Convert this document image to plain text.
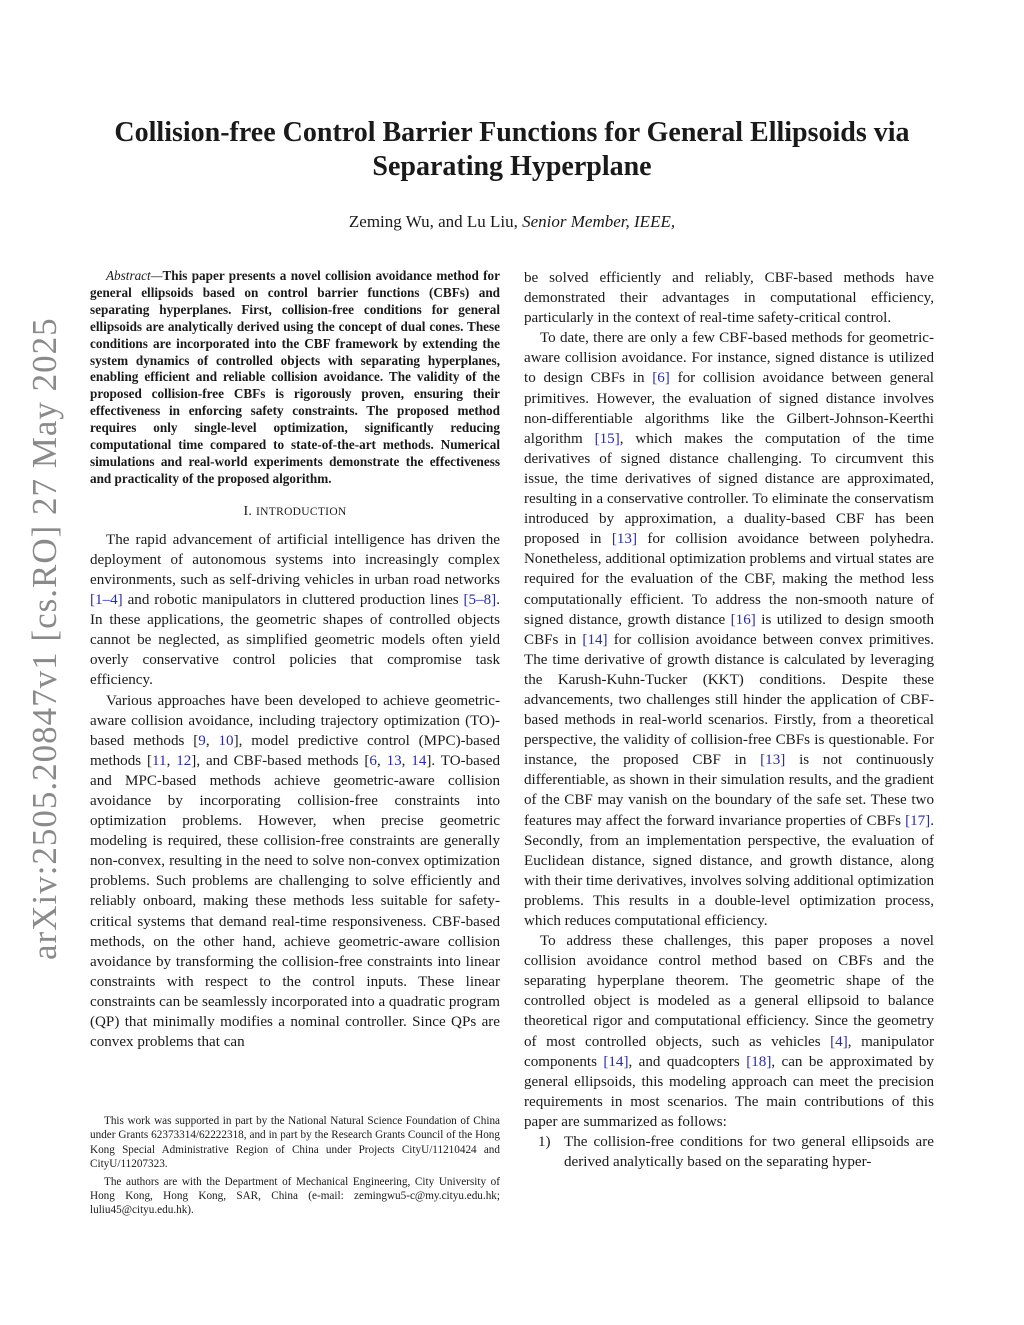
arXiv:2505.20847v1 [cs.RO] 27 May 2025
Collision-free Control Barrier Functions for General Ellipsoids via Separating Hyperplane
Zeming Wu, and Lu Liu, Senior Member, IEEE,

Abstract—This paper presents a novel collision avoidance method for general ellipsoids based on control barrier functions (CBFs) and separating hyperplanes. First, collision-free conditions for general ellipsoids are analytically derived using the concept of dual cones. These conditions are incorporated into the CBF framework by extending the system dynamics of controlled objects with separating hyperplanes, enabling efficient and reliable collision avoidance. The validity of the proposed collision-free CBFs is rigorously proven, ensuring their effectiveness in enforcing safety constraints. The proposed method requires only single-level optimization, significantly reducing computational time compared to state-of-the-art methods. Numerical simulations and real-world experiments demonstrate the effectiveness and practicality of the proposed algorithm.

I. INTRODUCTION

The rapid advancement of artificial intelligence has driven the deployment of autonomous systems into increasingly complex environments, such as self-driving vehicles in urban road networks [1–4] and robotic manipulators in cluttered production lines [5–8]. In these applications, the geometric shapes of controlled objects cannot be neglected, as simplified geometric models often yield overly conservative control policies that compromise task efficiency.

Various approaches have been developed to achieve geometric-aware collision avoidance, including trajectory optimization (TO)-based methods [9, 10], model predictive control (MPC)-based methods [11, 12], and CBF-based methods [6, 13, 14]. TO-based and MPC-based methods achieve geometric-aware collision avoidance by incorporating collision-free constraints into optimization problems. However, when precise geometric modeling is required, these collision-free constraints are generally non-convex, resulting in the need to solve non-convex optimization problems. Such problems are challenging to solve efficiently and reliably onboard, making these methods less suitable for safety-critical systems that demand real-time responsiveness. CBF-based methods, on the other hand, achieve geometric-aware collision avoidance by transforming the collision-free constraints into linear constraints with respect to the control inputs. These linear constraints can be seamlessly incorporated into a quadratic program (QP) that minimally modifies a nominal controller. Since QPs are convex problems that can

This work was supported in part by the National Natural Science Foundation of China under Grants 62373314/62222318, and in part by the Research Grants Council of the Hong Kong Special Administrative Region of China under Projects CityU/11210424 and CityU/11207323.

The authors are with the Department of Mechanical Engineering, City University of Hong Kong, Hong Kong, SAR, China (e-mail: zemingwu5-c@my.cityu.edu.hk; luliu45@cityu.edu.hk).

be solved efficiently and reliably, CBF-based methods have demonstrated their advantages in computational efficiency, particularly in the context of real-time safety-critical control.

To date, there are only a few CBF-based methods for geometric-aware collision avoidance. For instance, signed distance is utilized to design CBFs in [6] for collision avoidance between general primitives. However, the evaluation of signed distance involves non-differentiable algorithms like the Gilbert-Johnson-Keerthi algorithm [15], which makes the computation of the time derivatives of signed distance challenging. To circumvent this issue, the time derivatives of signed distance are approximated, resulting in a conservative controller. To eliminate the conservatism introduced by approximation, a duality-based CBF has been proposed in [13] for collision avoidance between polyhedra. Nonetheless, additional optimization problems and virtual states are required for the evaluation of the CBF, making the method less computationally efficient. To address the non-smooth nature of signed distance, growth distance [16] is utilized to design smooth CBFs in [14] for collision avoidance between convex primitives. The time derivative of growth distance is calculated by leveraging the Karush-Kuhn-Tucker (KKT) conditions. Despite these advancements, two challenges still hinder the application of CBF-based methods in real-world scenarios. Firstly, from a theoretical perspective, the validity of collision-free CBFs is questionable. For instance, the proposed CBF in [13] is not continuously differentiable, as shown in their simulation results, and the gradient of the CBF may vanish on the boundary of the safe set. These two features may affect the forward invariance properties of CBFs [17]. Secondly, from an implementation perspective, the evaluation of Euclidean distance, signed distance, and growth distance, along with their time derivatives, involves solving additional optimization problems. This results in a double-level optimization process, which reduces computational efficiency.

To address these challenges, this paper proposes a novel collision avoidance control method based on CBFs and the separating hyperplane theorem. The geometric shape of the controlled object is modeled as a general ellipsoid to balance theoretical rigor and computational efficiency. Since the geometry of most controlled objects, such as vehicles [4], manipulator components [14], and quadcopters [18], can be approximated by general ellipsoids, this modeling approach can meet the precision requirements in most scenarios. The main contributions of this paper are summarized as follows:

1) The collision-free conditions for two general ellipsoids are derived analytically based on the separating hyper-
